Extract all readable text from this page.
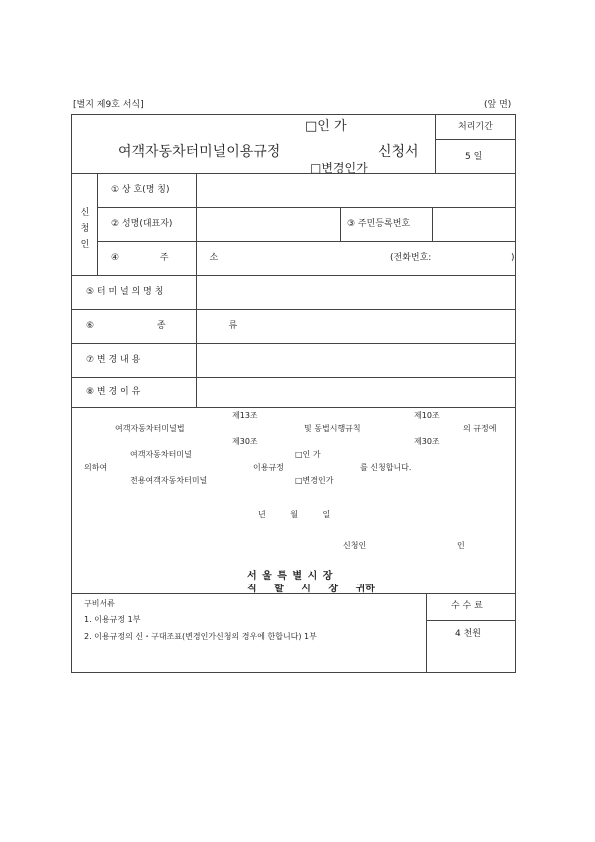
[별지 제9호 서식]	(앞 면)
□인 가
여객자동차터미널이용규정	신청서
□변경인가
처리기간
5 일
신청인
① 상 호(명 칭)
② 성명(대표자)	③ 주민등록번호
④ 주 소	(전화번호:	)
⑤ 터 미 널 의 명 칭
⑥ 종 류
⑦ 변 경 내 용
⑧ 변 경 이 유
제13조	제10조
여객자동차터미널법	및 동법시행규칙	의 규정에
제30조	제30조
여객자동차터미널	□인 가
의하여	이용규정	를 신청합니다.
전용여객자동차터미널	□변경인가
년 월 일
신청인	인
서 울 특 별 시 장
직 할 시 장 귀하
구비서류
1. 이용규정 1부
2. 이용규정의 신・구대조표(변경인가신청의 경우에 한합니다) 1부
수 수 료
4 천원
